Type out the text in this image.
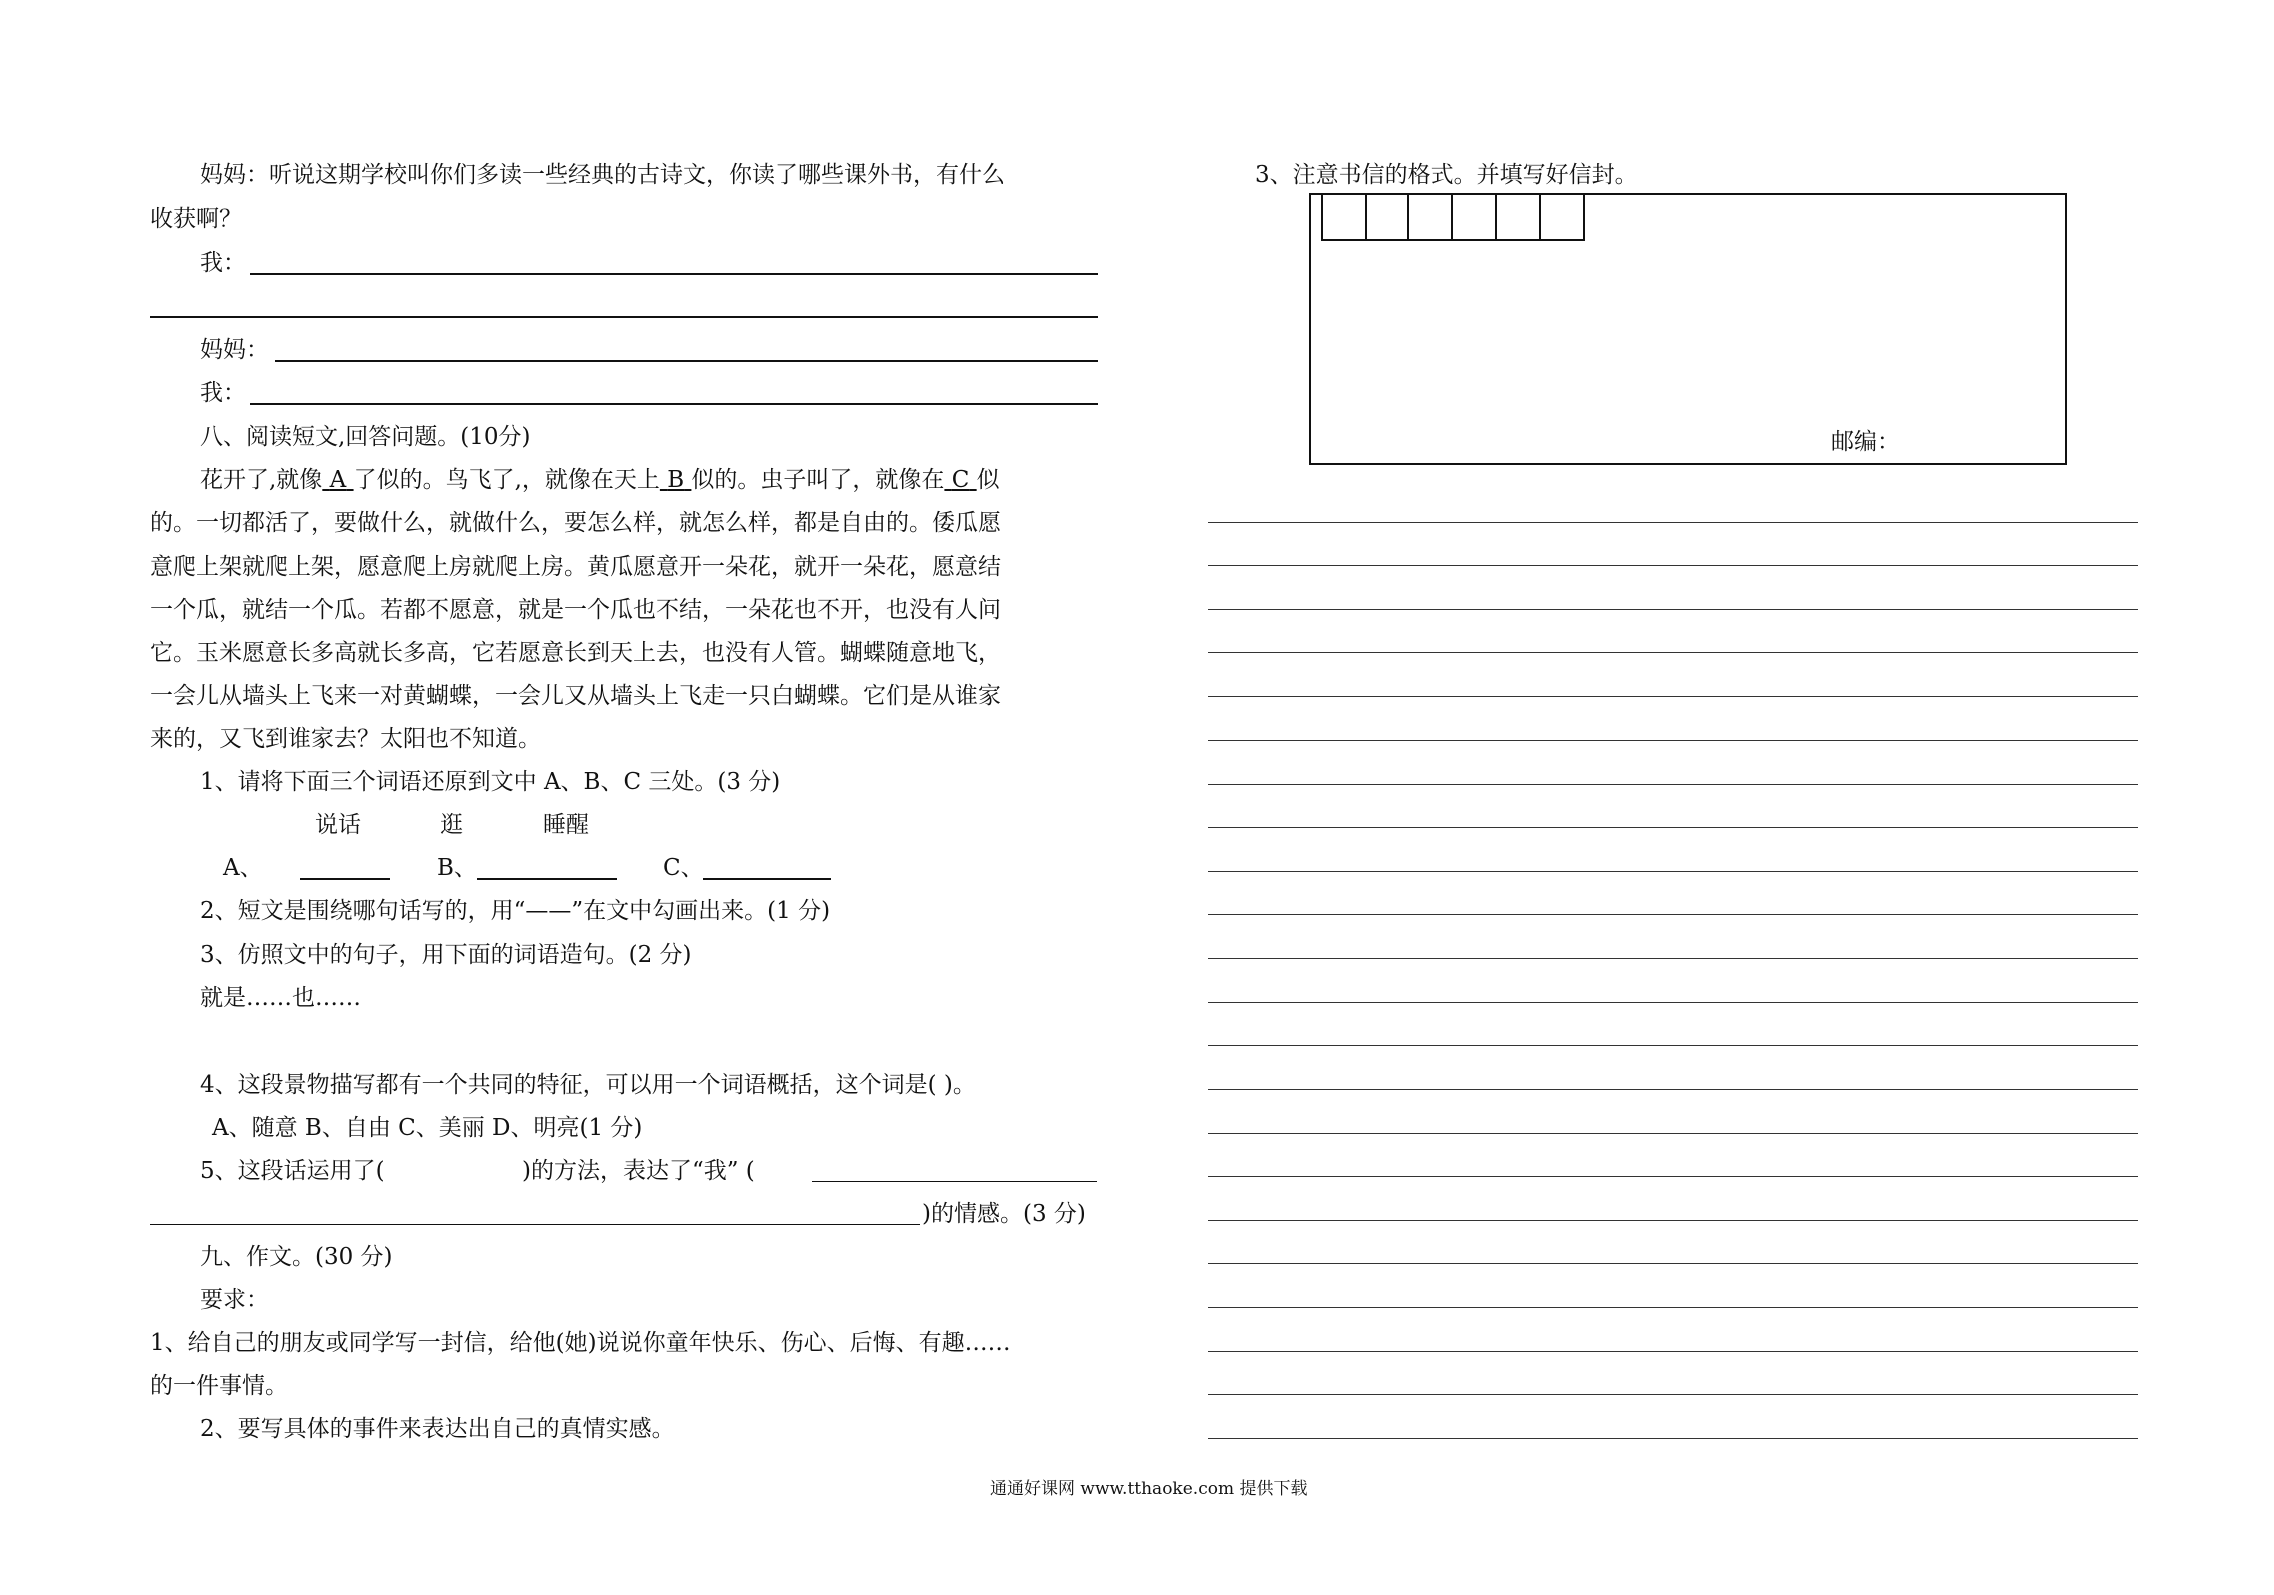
妈妈：听说这期学校叫你们多读一些经典的古诗文，你读了哪些课外书，有什么
收获啊？
我：
妈妈：
我：
八、阅读短文,回答问题。(10分)
花开了,就像 A 了似的。鸟飞了,，就像在天上 B 似的。虫子叫了，就像在 C 似
的。一切都活了，要做什么，就做什么，要怎么样，就怎么样，都是自由的。倭瓜愿
意爬上架就爬上架，愿意爬上房就爬上房。黄瓜愿意开一朵花，就开一朵花，愿意结
一个瓜，就结一个瓜。若都不愿意，就是一个瓜也不结，一朵花也不开，也没有人问
它。玉米愿意长多高就长多高，它若愿意长到天上去，也没有人管。蝴蝶随意地飞，
一会儿从墙头上飞来一对黄蝴蝶，一会儿又从墙头上飞走一只白蝴蝶。它们是从谁家
来的，又飞到谁家去？太阳也不知道。
1、请将下面三个词语还原到文中 A、B、C 三处。(3 分)
说话	逛	睡醒
A、	B、	C、
2、短文是围绕哪句话写的，用“——”在文中勾画出来。(1 分)
3、仿照文中的句子，用下面的词语造句。(2 分)
就是……也……
4、这段景物描写都有一个共同的特征，可以用一个词语概括，这个词是( )。
A、随意 B、自由 C、美丽 D、明亮(1 分)
5、这段话运用了(	)的方法，表达了“我” (
)的情感。(3 分)
九、作文。(30 分)
要求：
1、给自己的朋友或同学写一封信，给他(她)说说你童年快乐、伤心、后悔、有趣……
的一件事情。
2、要写具体的事件来表达出自己的真情实感。
3、注意书信的格式。并填写好信封。
邮编：
通通好课网 www.tthaoke.com 提供下载
